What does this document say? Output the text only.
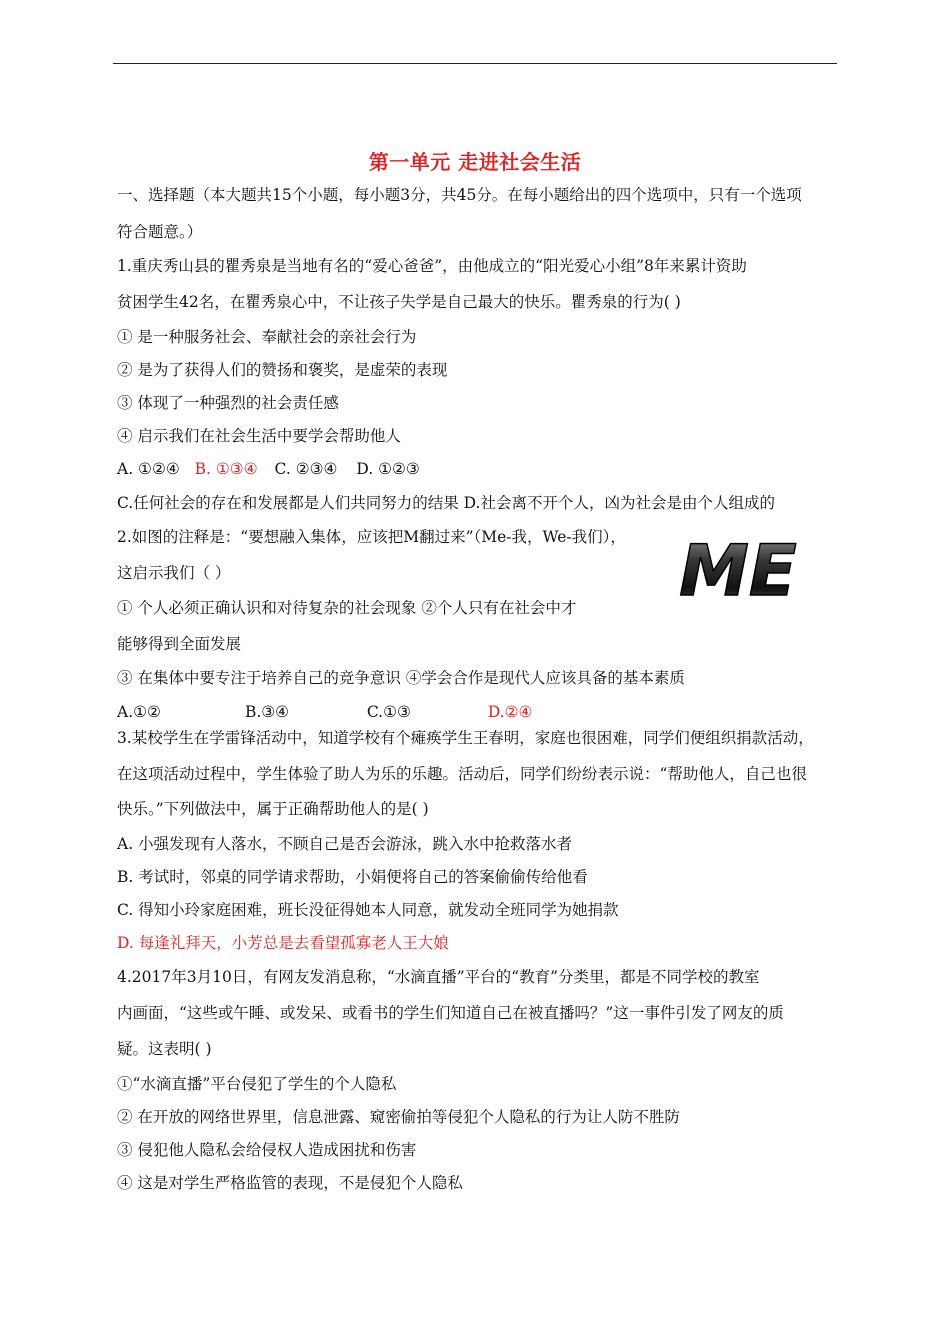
第一单元 走进社会生活
一、选择题（本大题共15个小题，每小题3分，共45分。在每小题给出的四个选项中，只有一个选项
符合题意。）
1.重庆秀山县的瞿秀泉是当地有名的“爱心爸爸”，由他成立的“阳光爱心小组”8年来累计资助
贫困学生42名，在瞿秀泉心中，不让孩子失学是自己最大的快乐。瞿秀泉的行为( )
① 是一种服务社会、奉献社会的亲社会行为
② 是为了获得人们的赞扬和褒奖，是虚荣的表现
③ 体现了一种强烈的社会责任感
④ 启示我们在社会生活中要学会帮助他人
A. ①②④ B. ①③④ C. ②③④ D. ①②③
C.任何社会的存在和发展都是人们共同努力的结果 D.社会离不开个人，凶为社会是由个人组成的
2.如图的注释是：“要想融入集体，应该把M翻过来”（Me-我，We-我们），
这启示我们（ ）	ME
① 个人必须正确认识和对待复杂的社会现象 ②个人只有在社会中才
能够得到全面发展
③ 在集体中要专注于培养自己的竞争意识 ④学会合作是现代人应该具备的基本素质
A.①②	B.③④	C.①③	D.②④
3.某校学生在学雷锋活动中，知道学校有个瘫痪学生王春明，家庭也很困难，同学们便组织捐款活动，
在这项活动过程中，学生体验了助人为乐的乐趣。活动后，同学们纷纷表示说：“帮助他人，自己也很
快乐。”下列做法中，属于正确帮助他人的是( )
A. 小强发现有人落水，不顾自己是否会游泳，跳入水中抢救落水者
B. 考试时，邻桌的同学请求帮助，小娟便将自己的答案偷偷传给他看
C. 得知小玲家庭困难，班长没征得她本人同意，就发动全班同学为她捐款
D. 每逢礼拜天，小芳总是去看望孤寡老人王大娘
4.2017年3月10日，有网友发消息称，“水滴直播”平台的“教育”分类里，都是不同学校的教室
内画面，“这些或午睡、或发呆、或看书的学生们知道自己在被直播吗？”这一事件引发了网友的质
疑。这表明( )
①“水滴直播”平台侵犯了学生的个人隐私
② 在开放的网络世界里，信息泄露、窥密偷拍等侵犯个人隐私的行为让人防不胜防
③ 侵犯他人隐私会给侵权人造成困扰和伤害
④ 这是对学生严格监管的表现，不是侵犯个人隐私
